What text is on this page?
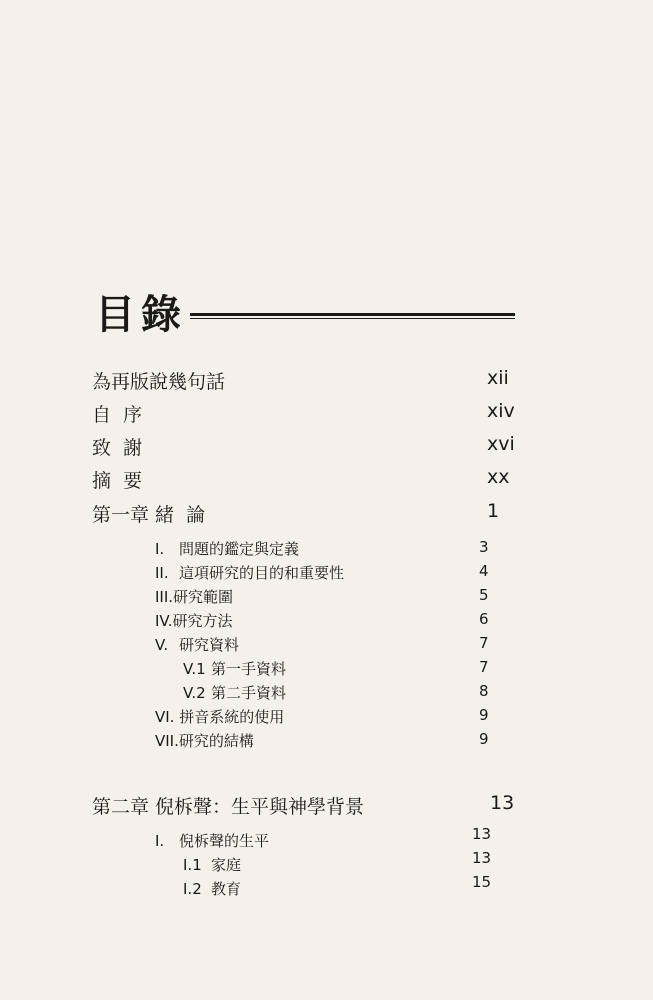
目錄
為再版說幾句話	xii
自  序	xiv
致  謝	xvi
摘  要	xx
第一章 緒  論	1
I. 問題的鑑定與定義	3
II. 這項研究的目的和重要性	4
III.研究範圍	5
IV.研究方法	6
V. 研究資料	7
V.1 第一手資料	7
V.2 第二手資料	8
VI. 拼音系統的使用	9
VII.研究的結構	9
第二章 倪柝聲：生平與神學背景	13
I. 倪柝聲的生平	13
I.1 家庭	13
I.2 教育	15
